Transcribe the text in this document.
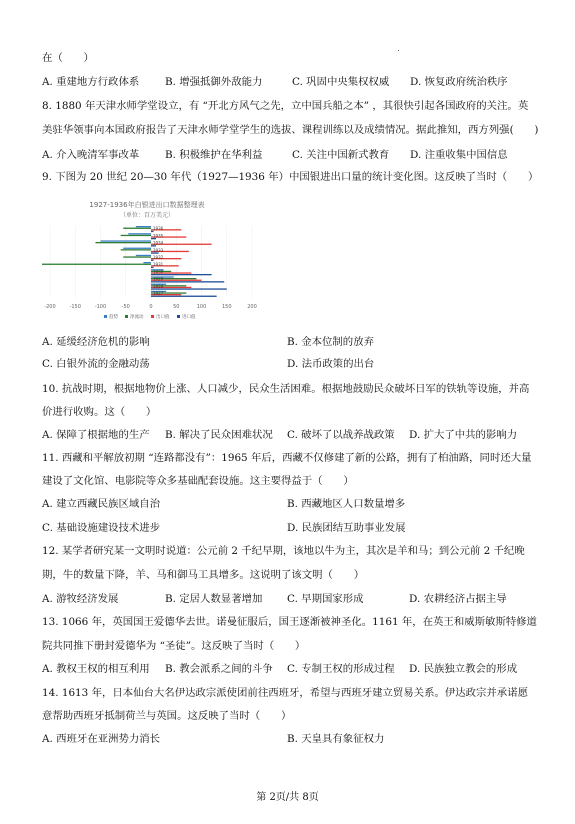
在（　　）
A. 重建地方行政体系 B. 增强抵御外敌能力	C. 巩固中央集权权威 D. 恢复政府统治秩序
8. 1880 年天津水师学堂设立，有 “开北方风气之先，立中国兵船之本” ，其很快引起各国政府的关注。英
美驻华领事向本国政府报告了天津水师学堂学生的选拔、课程训练以及成绩情况。据此推知，西方列强(　　)
A. 介入晚清军事改革 B. 积极维护在华利益	C. 关注中国新式教育 D. 注重收集中国信息
9. 下图为 20 世纪 20—30 年代（1927—1936 年）中国银进出口量的统计变化图。这反映了当时（　　）
1927-1936年白银进出口数据整理表
（单位：百万美元）
-200	-150	-100	-50	0	50	100	150	200
1936
1935
1934
1933
1932
1931
1930
1929
1928
1927
趋势	净流动	出口值	进口值
A. 延缓经济危机的影响	B. 金本位制的放弃
C. 白银外流的金融动荡	D. 法币政策的出台
10. 抗战时期，根据地物价上涨、人口减少，民众生活困难。根据地鼓励民众破坏日军的铁轨等设施，并高
价进行收购。这（　　）
A. 保障了根据地的生产 B. 解决了民众困难状况 C. 破坏了以战养战政策 D. 扩大了中共的影响力
11. 西藏和平解放初期 “连路都没有”：1965 年后，西藏不仅修建了新的公路，拥有了柏油路，同时还大量
建设了文化馆、电影院等众多基础配套设施。这主要得益于（　　）
A. 建立西藏民族区域自治	B. 西藏地区人口数量增多
C. 基础设施建设技术进步	D. 民族团结互助事业发展
12. 某学者研究某一文明时说道：公元前 2 千纪早期，该地以牛为主，其次是羊和马；到公元前 2 千纪晚
期，牛的数量下降，羊、马和御马工具增多。这说明了该文明（　　）
A. 游牧经济发展	B. 定居人数显著增加 C. 早期国家形成	D. 农耕经济占据主导
13. 1066 年，英国国王爱德华去世。诺曼征服后，国王逐渐被神圣化。1161 年，在英王和威斯敏斯特修道
院共同推下册封爱德华为 “圣徒”。这反映了当时（　　）
A. 教权王权的相互利用 B. 教会派系之间的斗争 C. 专制王权的形成过程 D. 民族独立教会的形成
14. 1613 年，日本仙台大名伊达政宗派使团前往西班牙，希望与西班牙建立贸易关系。伊达政宗并承诺愿
意帮助西班牙抵制荷兰与英国。这反映了当时（　　）
A. 西班牙在亚洲势力消长	B. 天皇具有象征权力
第 2页/共 8页
